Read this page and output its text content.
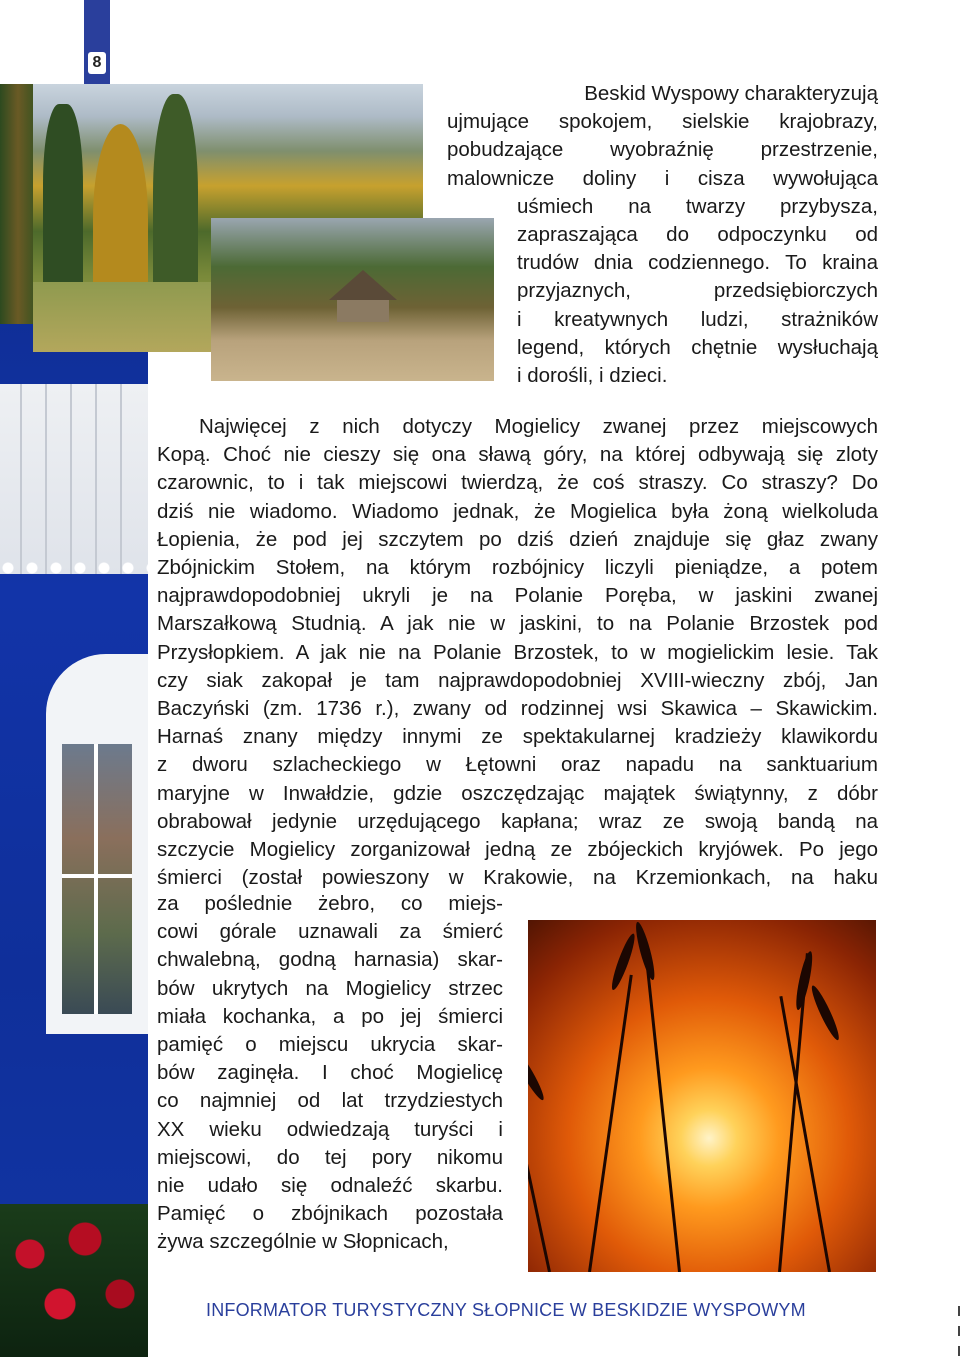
8
Beskid Wyspowy charakteryzują
ujmujące spokojem, sielskie krajobrazy,
pobudzające wyobraźnię przestrzenie,
malownicze doliny i cisza wywołująca
uśmiech na twarzy przybysza,
zapraszająca do odpoczynku od
trudów dnia codziennego. To kraina
przyjaznych, przedsiębiorczych
i kreatywnych ludzi, strażników
legend, których chętnie wysłuchają
i dorośli, i dzieci.
Najwięcej z nich dotyczy Mogielicy zwanej przez miejscowych
Kopą. Choć nie cieszy się ona sławą góry, na której odbywają się zloty
czarownic, to i tak miejscowi twierdzą, że coś straszy. Co straszy? Do
dziś nie wiadomo. Wiadomo jednak, że Mogielica była żoną wielkoluda
Łopienia, że pod jej szczytem po dziś dzień znajduje się głaz zwany
Zbójnickim Stołem, na którym rozbójnicy liczyli pieniądze, a potem
najprawdopodobniej ukryli je na Polanie Poręba, w jaskini zwanej
Marszałkową Studnią. A jak nie w jaskini, to na Polanie Brzostek pod
Przysłopkiem. A jak nie na Polanie Brzostek, to w mogielickim lesie. Tak
czy siak zakopał je tam najprawdopodobniej XVIII-wieczny zbój, Jan
Baczyński (zm. 1736 r.), zwany od rodzinnej wsi Skawica – Skawickim.
Harnaś znany między innymi ze spektakularnej kradzieży klawikordu
z dworu szlacheckiego w Łętowni oraz napadu na sanktuarium
maryjne w Inwałdzie, gdzie oszczędzając majątek świątynny, z dóbr
obrabował jedynie urzędującego kapłana; wraz ze swoją bandą na
szczycie Mogielicy zorganizował jedną ze zbójeckich kryjówek. Po jego
śmierci (został powieszony w Krakowie, na Krzemionkach, na haku
za poślednie żebro, co miejs-
cowi górale uznawali za śmierć
chwalebną, godną harnasia) skar-
bów ukrytych na Mogielicy strzec
miała kochanka, a po jej śmierci
pamięć o miejscu ukrycia skar-
bów zaginęła. I choć Mogielicę
co najmniej od lat trzydziestych
XX wieku odwiedzają turyści i
miejscowi, do tej pory nikomu
nie udało się odnaleźć skarbu.
Pamięć o zbójnikach pozostała
żywa szczególnie w Słopnicach,
INFORMATOR TURYSTYCZNY SŁOPNICE W BESKIDZIE WYSPOWYM
